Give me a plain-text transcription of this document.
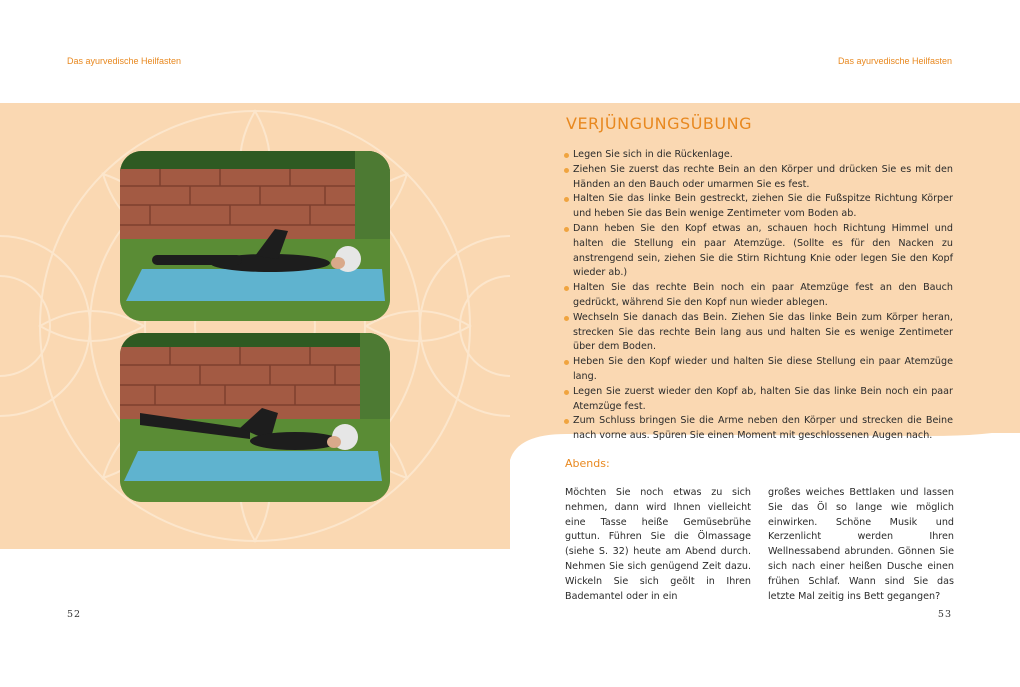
Das ayurvedische Heilfasten	Das ayurvedische Heilfasten
VERJÜNGUNGSÜBUNG
Legen Sie sich in die Rückenlage.
Ziehen Sie zuerst das rechte Bein an den Körper und drücken Sie es mit den Händen an den Bauch oder umarmen Sie es fest.
Halten Sie das linke Bein gestreckt, ziehen Sie die Fußspitze Richtung Körper und heben Sie das Bein wenige Zentimeter vom Boden ab.
Dann heben Sie den Kopf etwas an, schauen hoch Richtung Himmel und halten die Stellung ein paar Atemzüge. (Sollte es für den Nacken zu anstrengend sein, ziehen Sie die Stirn Richtung Knie oder legen Sie den Kopf wieder ab.)
Halten Sie das rechte Bein noch ein paar Atemzüge fest an den Bauch gedrückt, während Sie den Kopf nun wieder ablegen.
Wechseln Sie danach das Bein. Ziehen Sie das linke Bein zum Körper heran, strecken Sie das rechte Bein lang aus und halten Sie es wenige Zentimeter über dem Boden.
Heben Sie den Kopf wieder und halten Sie diese Stellung ein paar Atemzüge lang.
Legen Sie zuerst wieder den Kopf ab, halten Sie das linke Bein noch ein paar Atemzüge fest.
Zum Schluss bringen Sie die Arme neben den Körper und strecken die Beine nach vorne aus. Spüren Sie einen Moment mit geschlossenen Augen nach.
Abends:
Möchten Sie noch etwas zu sich nehmen, dann wird Ihnen vielleicht eine Tasse heiße Gemüsebrühe guttun. Führen Sie die Ölmassage (siehe S. 32) heute am Abend durch. Nehmen Sie sich genügend Zeit dazu. Wickeln Sie sich geölt in Ihren Bademantel oder in ein
großes weiches Bettlaken und lassen Sie das Öl so lange wie möglich einwirken. Schöne Musik und Kerzenlicht werden Ihren Wellnessabend abrunden. Gönnen Sie sich nach einer heißen Dusche einen frühen Schlaf. Wann sind Sie das letzte Mal zeitig ins Bett gegangen?
52	53
